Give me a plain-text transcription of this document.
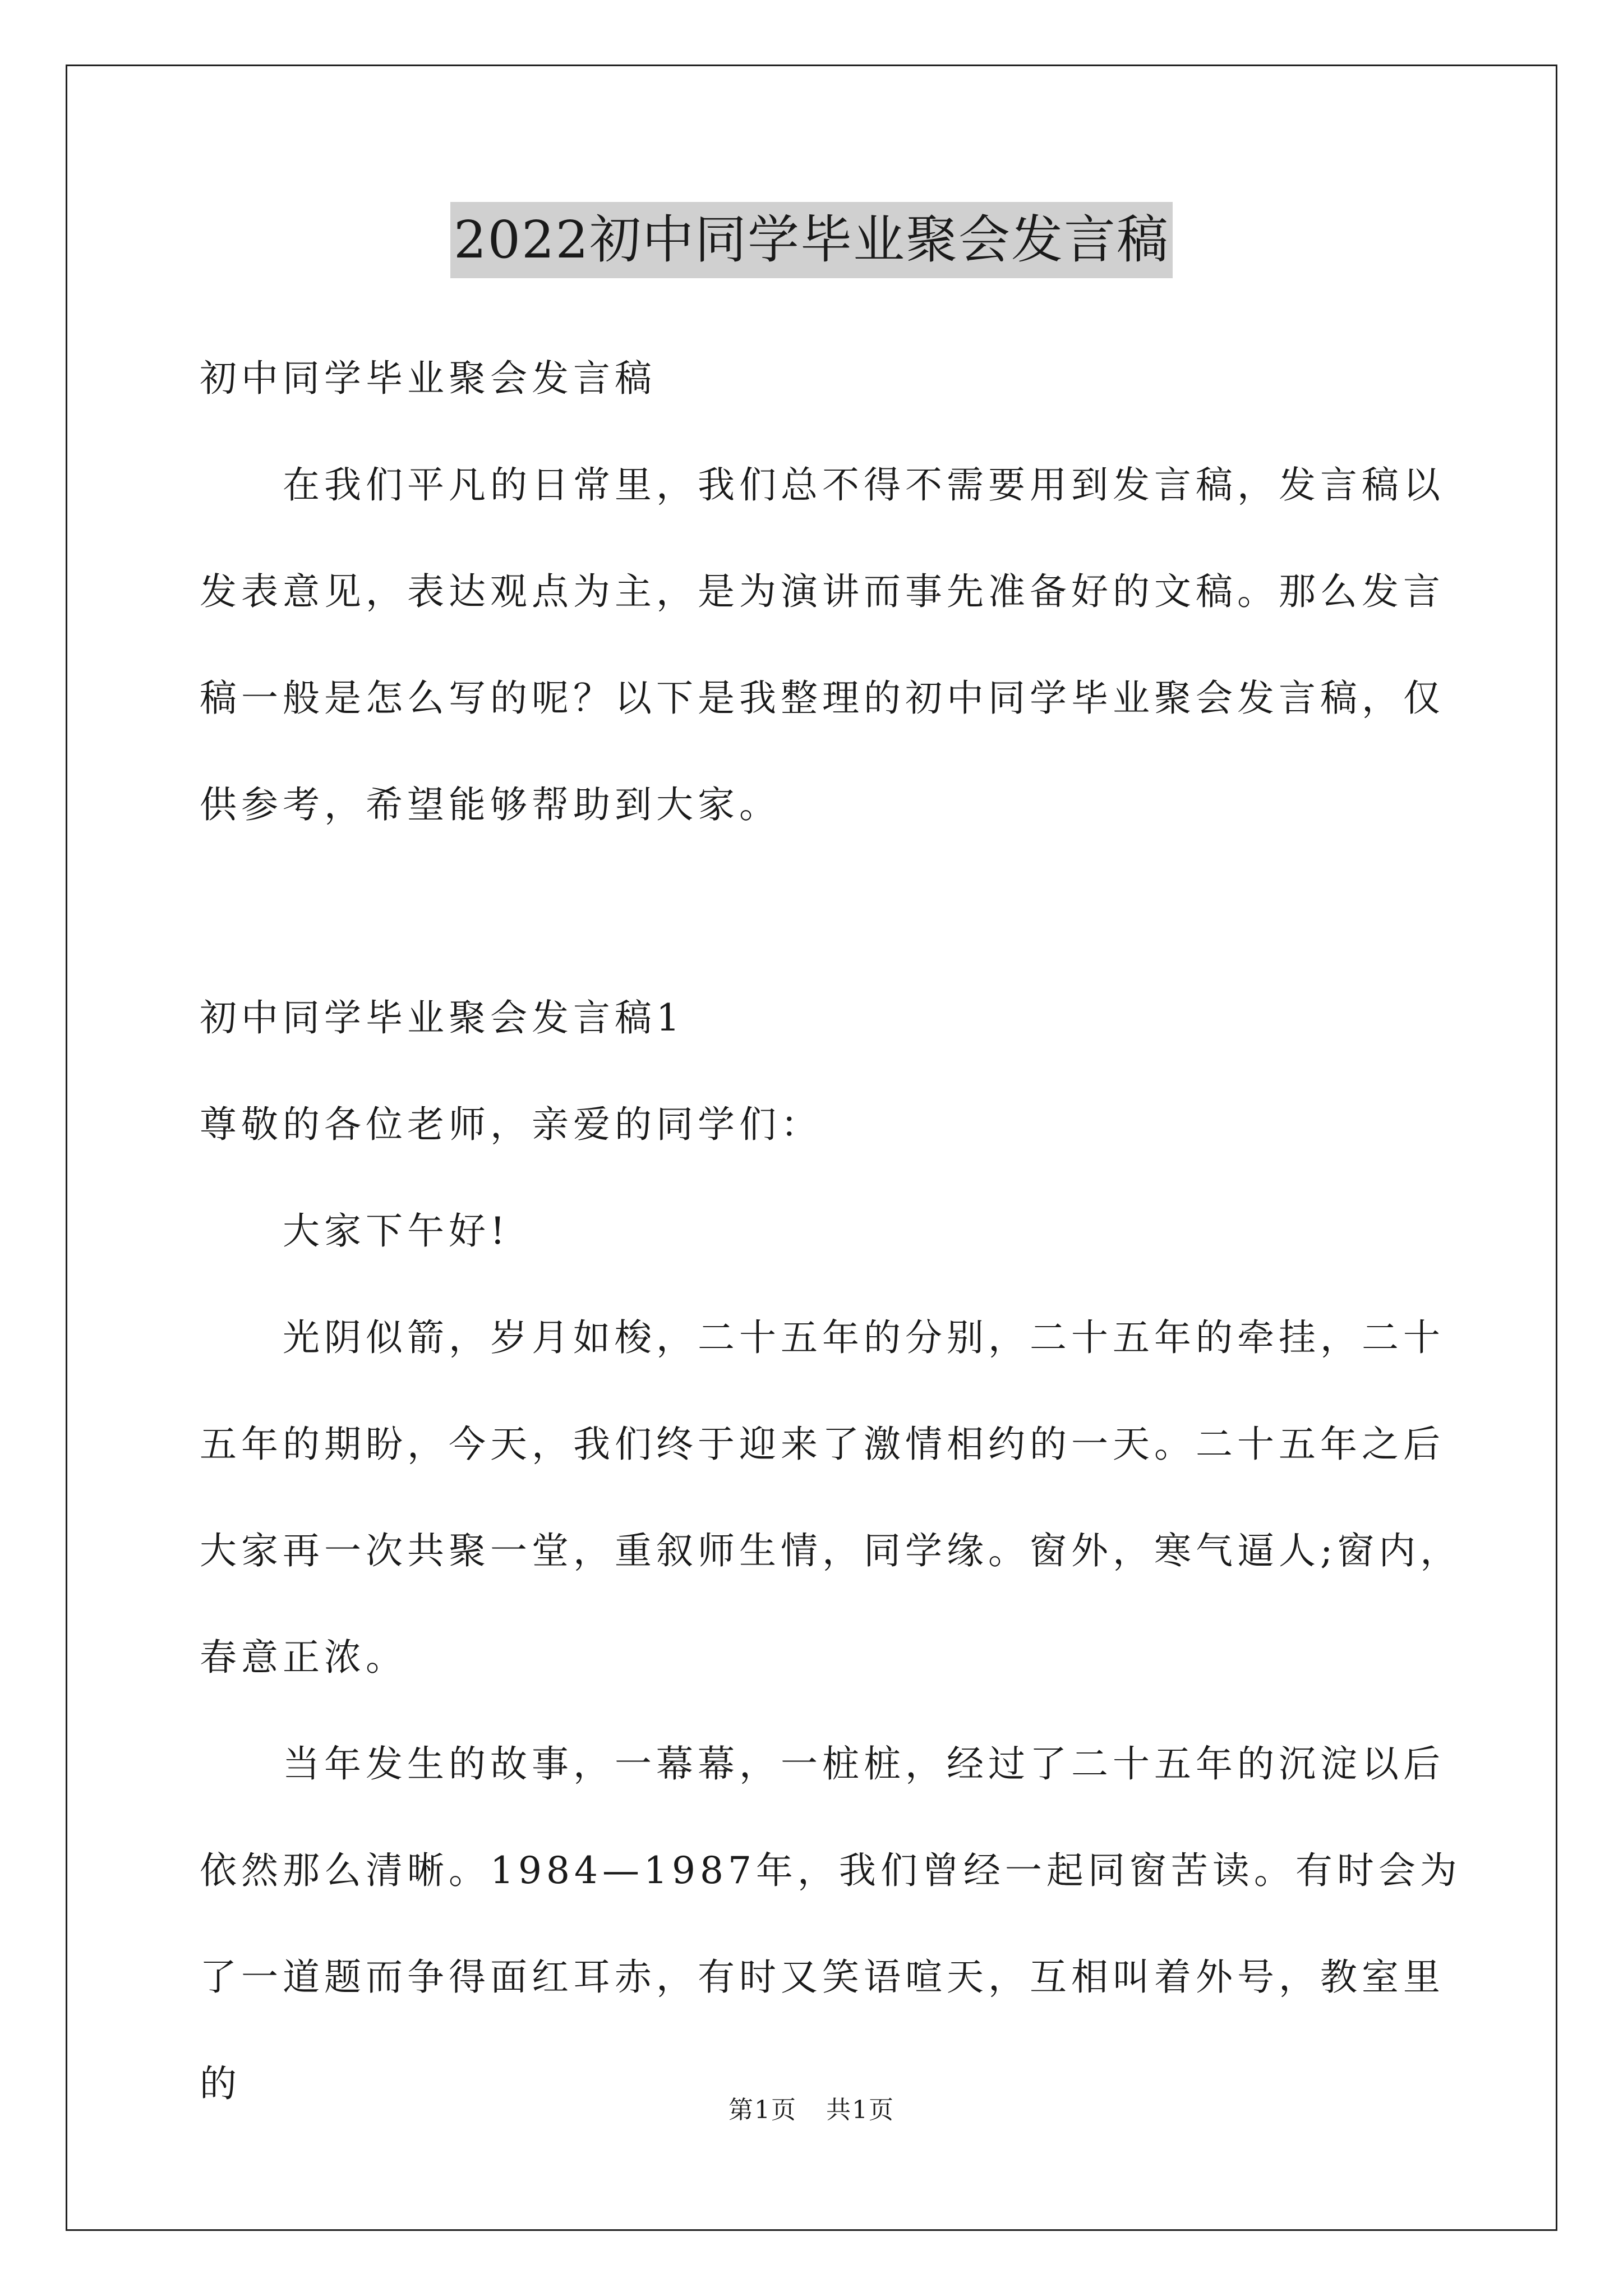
2022初中同学毕业聚会发言稿

初中同学毕业聚会发言稿

在我们平凡的日常里，我们总不得不需要用到发言稿，发言稿以发表意见，表达观点为主，是为演讲而事先准备好的文稿。那么发言稿一般是怎么写的呢？以下是我整理的初中同学毕业聚会发言稿，仅供参考，希望能够帮助到大家。

初中同学毕业聚会发言稿1

尊敬的各位老师，亲爱的同学们：

大家下午好!

光阴似箭，岁月如梭，二十五年的分别，二十五年的牵挂，二十五年的期盼，今天，我们终于迎来了激情相约的一天。二十五年之后大家再一次共聚一堂，重叙师生情，同学缘。窗外，寒气逼人;窗内，春意正浓。

当年发生的故事，一幕幕，一桩桩，经过了二十五年的沉淀以后依然那么清晰。1984—1987年，我们曾经一起同窗苦读。有时会为了一道题而争得面红耳赤，有时又笑语喧天，互相叫着外号，教室里的

第1页 共1页
